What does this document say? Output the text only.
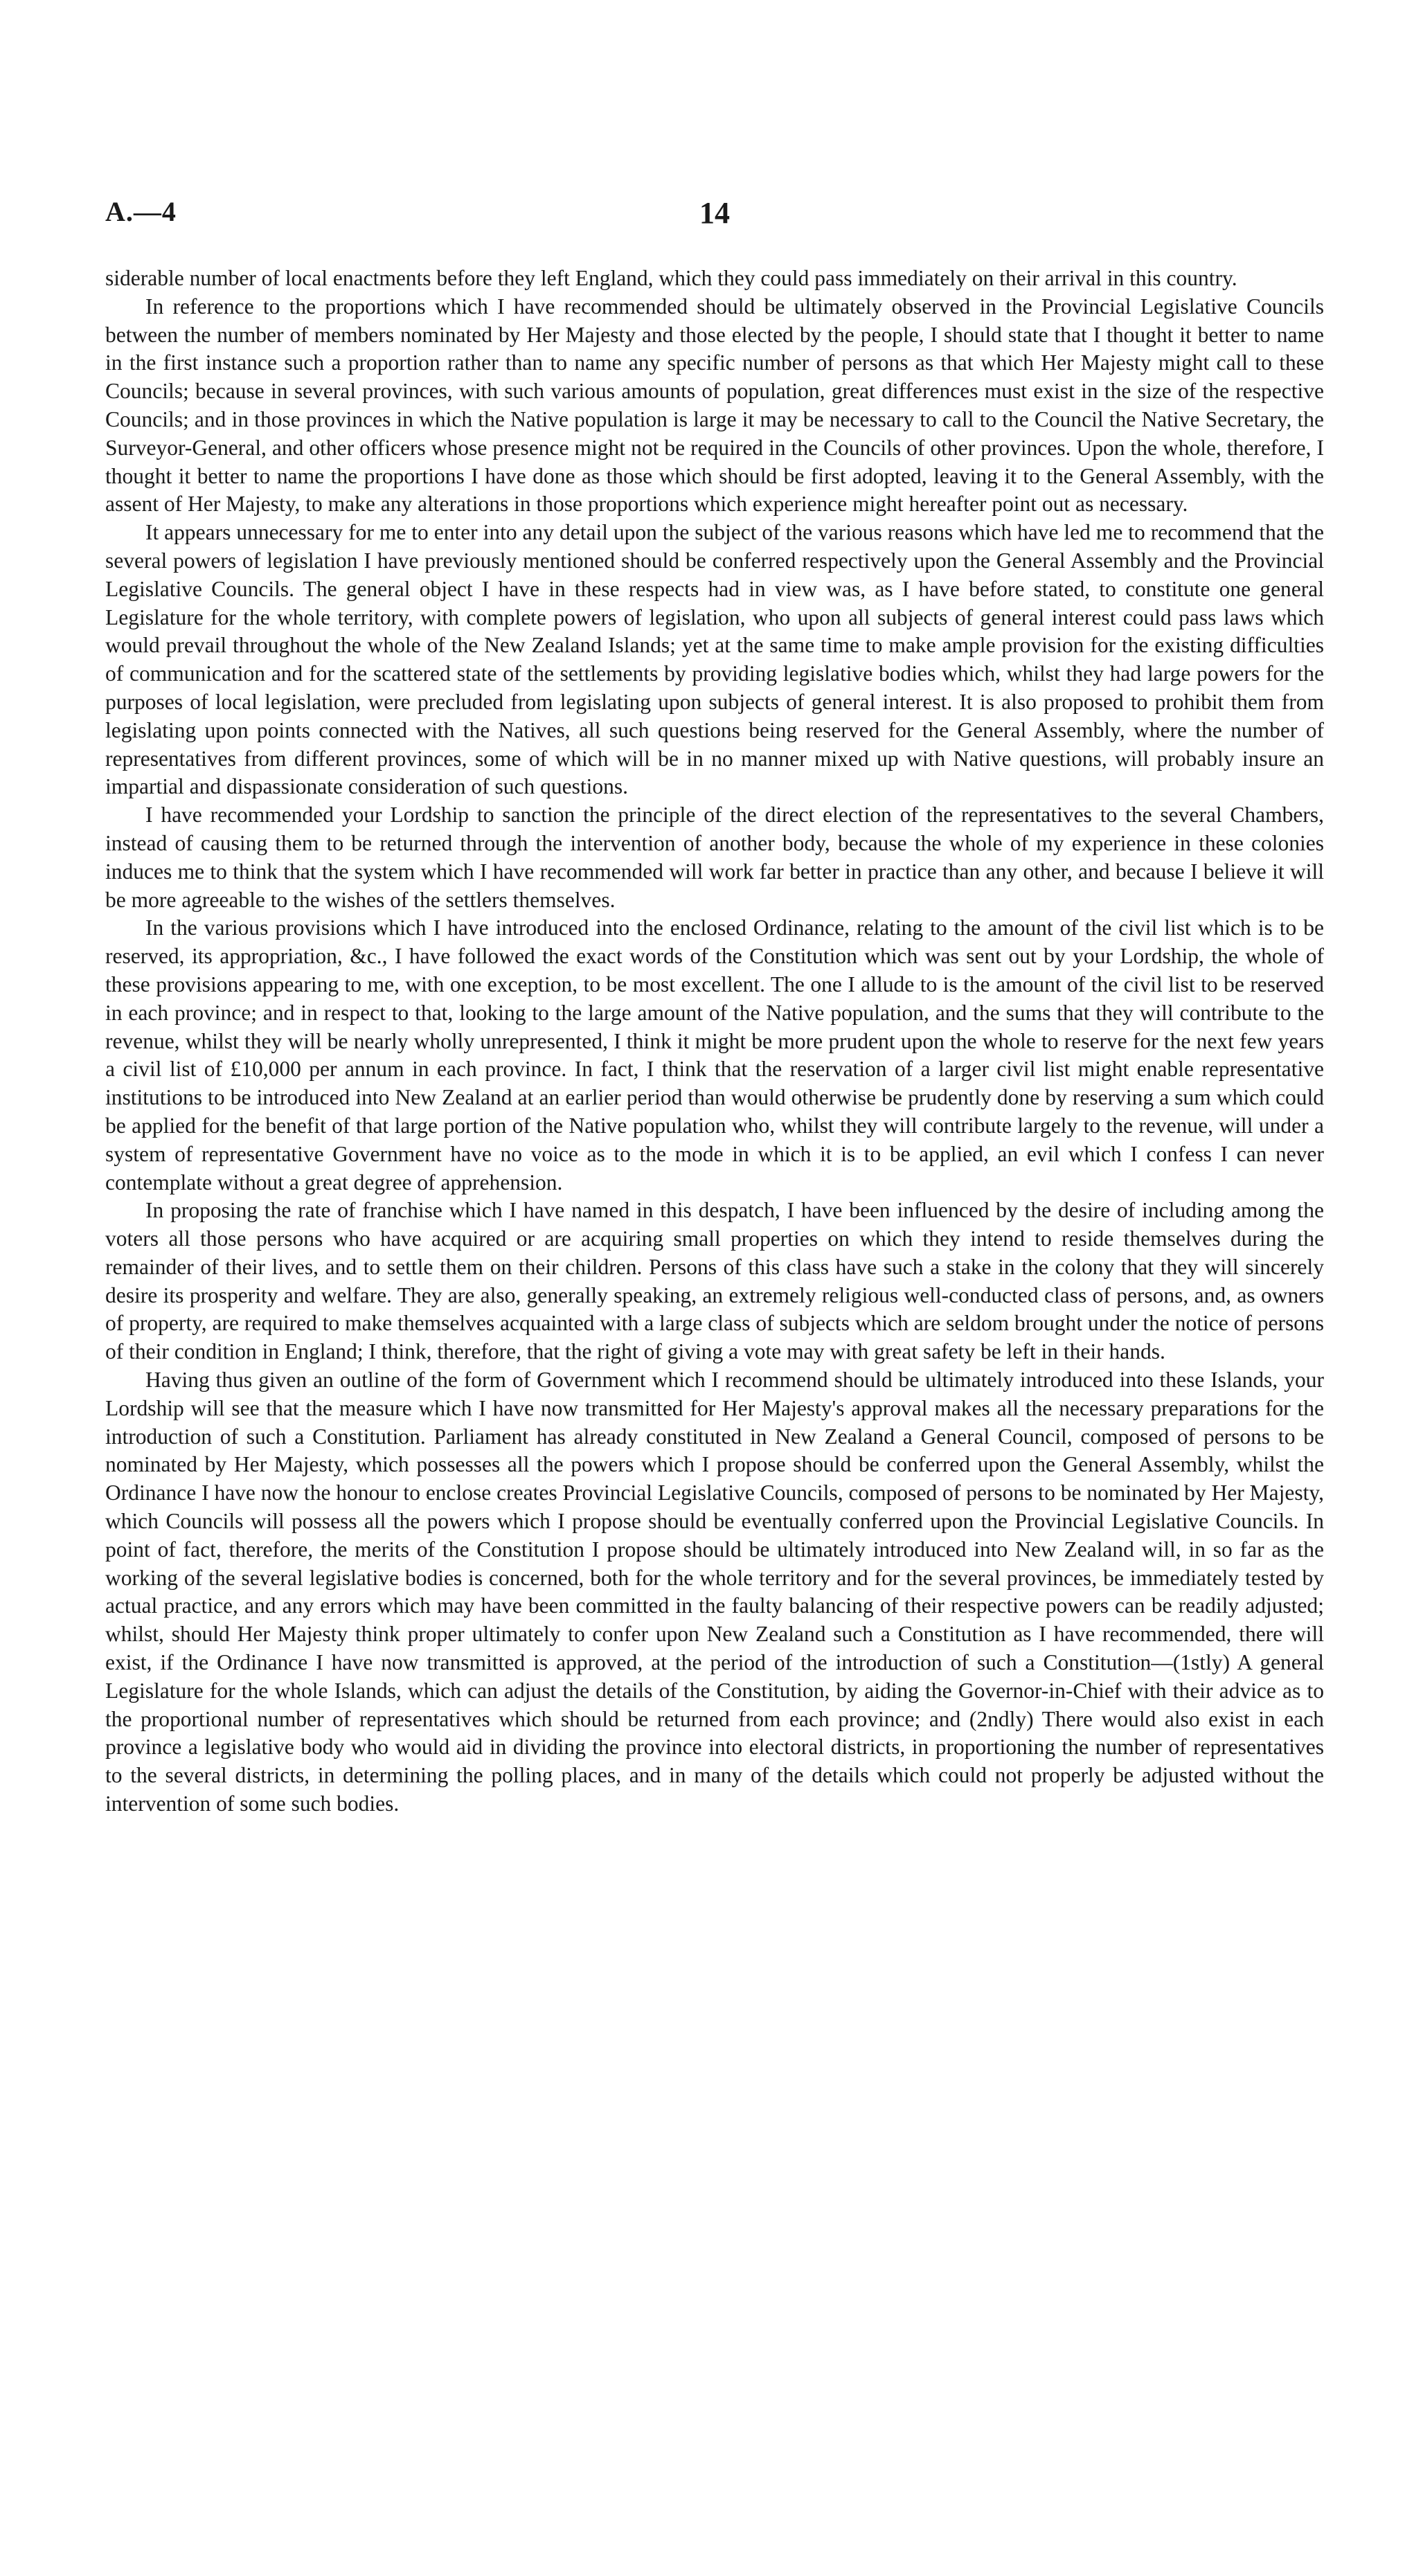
A.—4	14

siderable number of local enactments before they left England, which they could pass immediately on their arrival in this country.

In reference to the proportions which I have recommended should be ultimately observed in the Provincial Legislative Councils between the number of members nominated by Her Majesty and those elected by the people, I should state that I thought it better to name in the first instance such a proportion rather than to name any specific number of persons as that which Her Majesty might call to these Councils; because in several provinces, with such various amounts of population, great differences must exist in the size of the respective Councils; and in those provinces in which the Native population is large it may be necessary to call to the Council the Native Secretary, the Surveyor-General, and other officers whose presence might not be required in the Councils of other provinces. Upon the whole, therefore, I thought it better to name the proportions I have done as those which should be first adopted, leaving it to the General Assembly, with the assent of Her Majesty, to make any alterations in those proportions which experience might hereafter point out as necessary.

It appears unnecessary for me to enter into any detail upon the subject of the various reasons which have led me to recommend that the several powers of legislation I have previously mentioned should be conferred respectively upon the General Assembly and the Provincial Legislative Councils. The general object I have in these respects had in view was, as I have before stated, to constitute one general Legislature for the whole territory, with complete powers of legislation, who upon all subjects of general interest could pass laws which would prevail throughout the whole of the New Zealand Islands; yet at the same time to make ample provision for the existing difficulties of communication and for the scattered state of the settlements by providing legislative bodies which, whilst they had large powers for the purposes of local legislation, were precluded from legislating upon subjects of general interest. It is also proposed to prohibit them from legislating upon points connected with the Natives, all such questions being reserved for the General Assembly, where the number of representatives from different provinces, some of which will be in no manner mixed up with Native questions, will probably insure an impartial and dispassionate consideration of such questions.

I have recommended your Lordship to sanction the principle of the direct election of the representatives to the several Chambers, instead of causing them to be returned through the intervention of another body, because the whole of my experience in these colonies induces me to think that the system which I have recommended will work far better in practice than any other, and because I believe it will be more agreeable to the wishes of the settlers themselves.

In the various provisions which I have introduced into the enclosed Ordinance, relating to the amount of the civil list which is to be reserved, its appropriation, &c., I have followed the exact words of the Constitution which was sent out by your Lordship, the whole of these provisions appearing to me, with one exception, to be most excellent. The one I allude to is the amount of the civil list to be reserved in each province; and in respect to that, looking to the large amount of the Native population, and the sums that they will contribute to the revenue, whilst they will be nearly wholly unrepresented, I think it might be more prudent upon the whole to reserve for the next few years a civil list of £10,000 per annum in each province. In fact, I think that the reservation of a larger civil list might enable representative institutions to be introduced into New Zealand at an earlier period than would otherwise be prudently done by reserving a sum which could be applied for the benefit of that large portion of the Native population who, whilst they will contribute largely to the revenue, will under a system of representative Government have no voice as to the mode in which it is to be applied, an evil which I confess I can never contemplate without a great degree of apprehension.

In proposing the rate of franchise which I have named in this despatch, I have been influenced by the desire of including among the voters all those persons who have acquired or are acquiring small properties on which they intend to reside themselves during the remainder of their lives, and to settle them on their children. Persons of this class have such a stake in the colony that they will sincerely desire its prosperity and welfare. They are also, generally speaking, an extremely religious well-conducted class of persons, and, as owners of property, are required to make themselves acquainted with a large class of subjects which are seldom brought under the notice of persons of their condition in England; I think, therefore, that the right of giving a vote may with great safety be left in their hands.

Having thus given an outline of the form of Government which I recommend should be ultimately introduced into these Islands, your Lordship will see that the measure which I have now transmitted for Her Majesty's approval makes all the necessary preparations for the introduction of such a Constitution. Parliament has already constituted in New Zealand a General Council, composed of persons to be nominated by Her Majesty, which possesses all the powers which I propose should be conferred upon the General Assembly, whilst the Ordinance I have now the honour to enclose creates Provincial Legislative Councils, composed of persons to be nominated by Her Majesty, which Councils will possess all the powers which I propose should be eventually conferred upon the Provincial Legislative Councils. In point of fact, therefore, the merits of the Constitution I propose should be ultimately introduced into New Zealand will, in so far as the working of the several legislative bodies is concerned, both for the whole territory and for the several provinces, be immediately tested by actual practice, and any errors which may have been committed in the faulty balancing of their respective powers can be readily adjusted; whilst, should Her Majesty think proper ultimately to confer upon New Zealand such a Constitution as I have recommended, there will exist, if the Ordinance I have now transmitted is approved, at the period of the introduction of such a Constitution—(1stly) A general Legislature for the whole Islands, which can adjust the details of the Constitution, by aiding the Governor-in-Chief with their advice as to the proportional number of representatives which should be returned from each province; and (2ndly) There would also exist in each province a legislative body who would aid in dividing the province into electoral districts, in proportioning the number of representatives to the several districts, in determining the polling places, and in many of the details which could not properly be adjusted without the intervention of some such bodies.
